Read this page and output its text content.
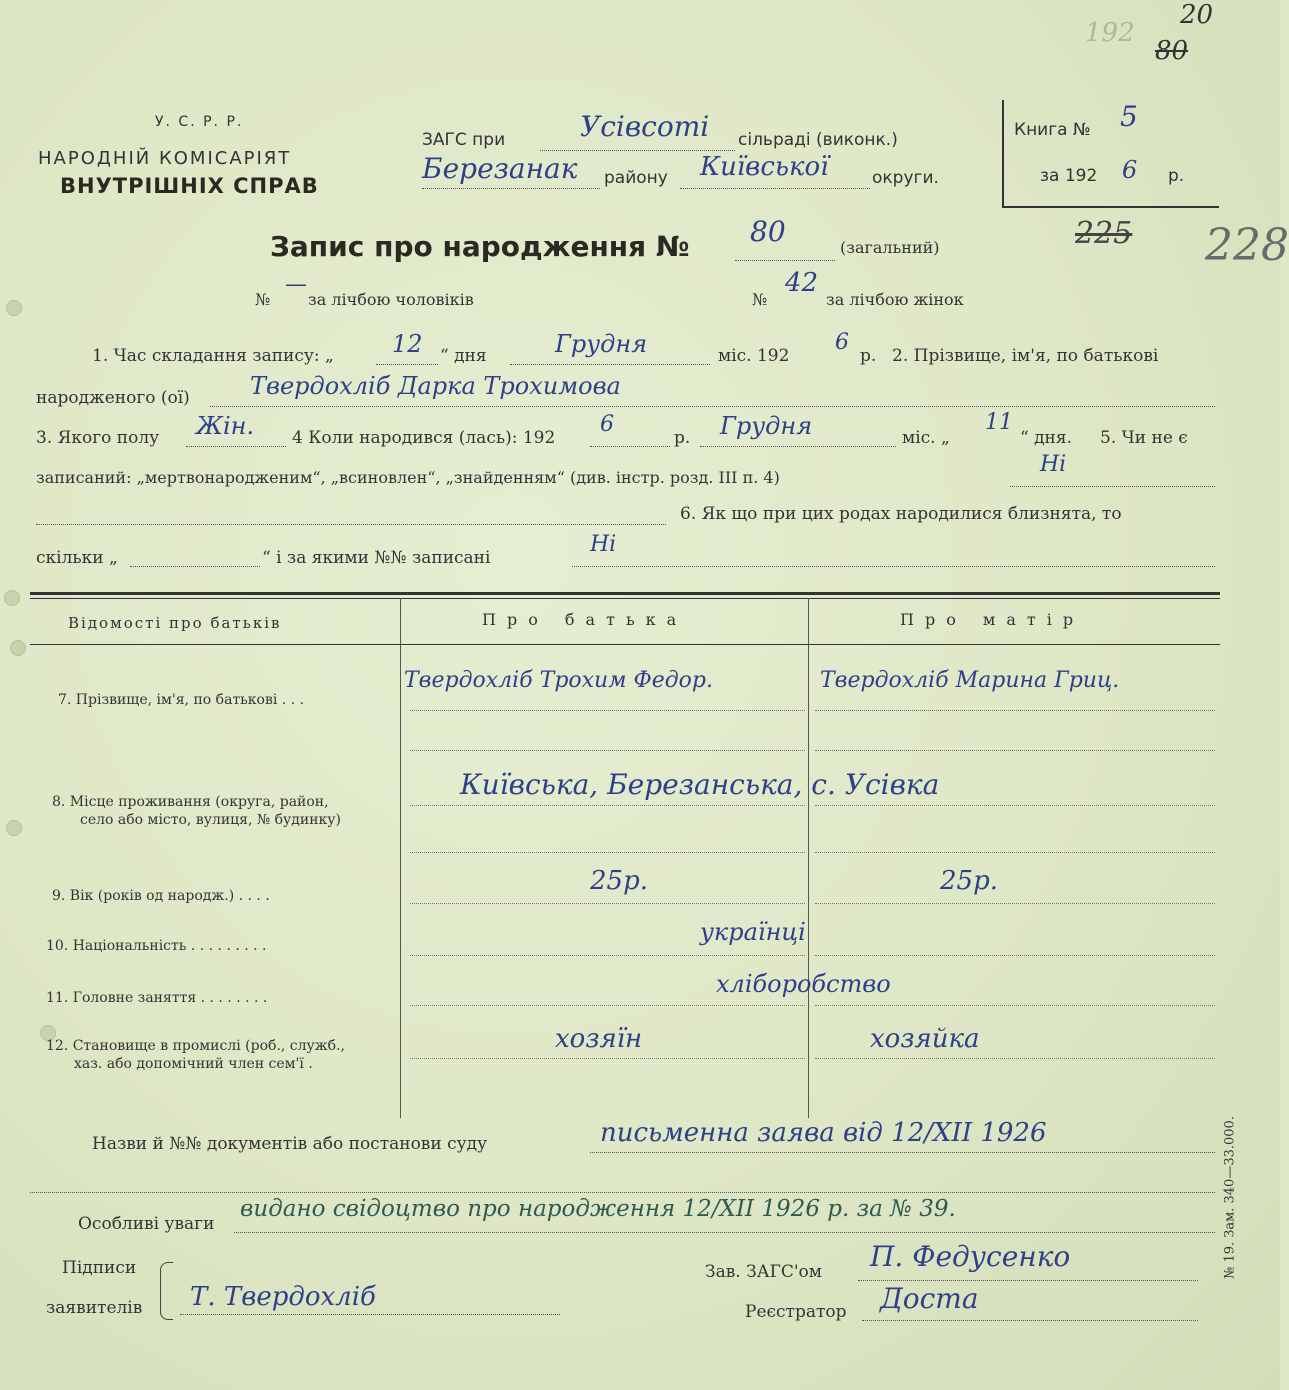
192
20
80
У. С. Р. Р.
НАРОДНІЙ КОМІСАРІЯТ
ВНУТРІШНІХ СПРАВ
ЗАГС при	Усівсоті сільраді (виконк.)
Березанак району Київської	округи.
Книга № 5
за 192 6 р.
Запис про народження № 80	(загальний)	225 228
№
—
за лічбою чоловіків	№
42
за лічбою жінок
1. Час складання запису: „ 12 “ дня	Грудня	міс. 192
6
р. 2. Прізвище, ім'я, по батькові
народженого (ої)	Твердохліб Дарка Трохимова
3. Якого полу Жін. 4 Коли народився (лась): 192
6
р. Грудня	міс. „
11
“ дня. 5. Чи не є
записаний: „мертвонародженим“, „всиновлен“, „знайденням“ (див. інстр. розд. III п. 4)
Ні
6. Як що при цих родах народилися близнята, то
скільки „	“ і за якими №№ записані
Ні
Відомості про батьків	Про батька	Про матір
7. Прізвище, ім'я, по батькові . . .
Твердохліб Трохим Федор.	Твердохліб Марина Гриц.
8. Місце проживання (округа, район,
село або місто, вулиця, № будинку)
Київська, Березанська, с. Усівка
9. Вік (років од народж.) . . . .	25р.	25р.
10. Національність . . . . . . . . .	українці
11. Головне заняття . . . . . . . .	хліборобство
12. Становище в промислі (роб., служб.,
хаз. або допомічний член сем'ї .
хозяїн	хозяйка
Назви й №№ документів або постанови суду	письменна заява від 12/XII 1926
Особливі уваги
видано свідоцтво про народження 12/XII 1926 р. за № 39.
Підписи
заявителів Т. Твердохліб
Зав. ЗАГС'ом П. Федусенко
Реєстратор Доста
№ 19. Зам. 340—33.000.
